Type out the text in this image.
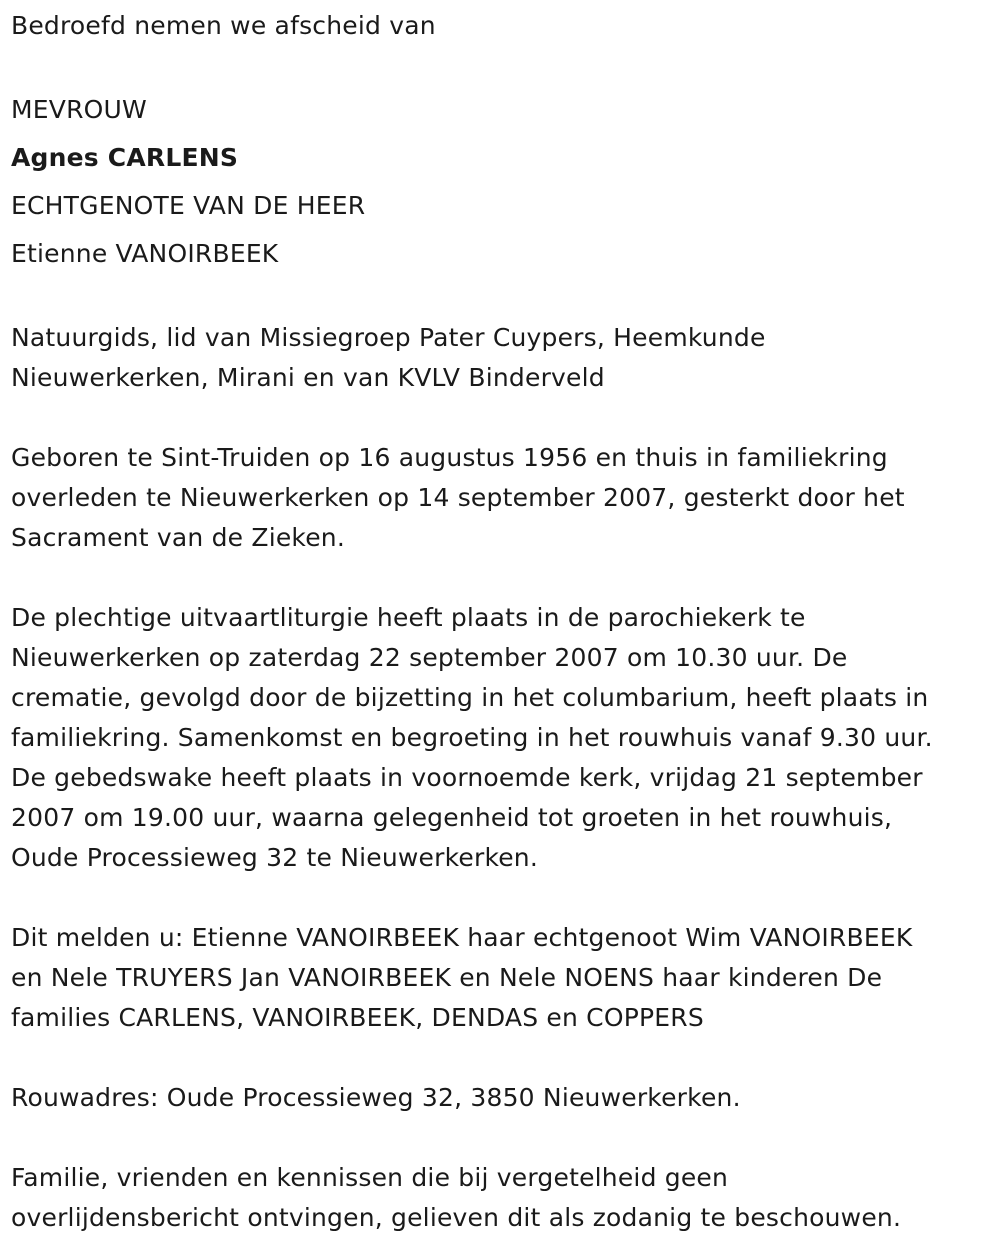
Bedroefd nemen we afscheid van

MEVROUW

Agnes CARLENS

ECHTGENOTE VAN DE HEER

Etienne VANOIRBEEK

Natuurgids, lid van Missiegroep Pater Cuypers, Heemkunde

Nieuwerkerken, Mirani en van KVLV Binderveld

Geboren te Sint-Truiden op 16 augustus 1956 en thuis in familiekring

overleden te Nieuwerkerken op 14 september 2007, gesterkt door het

Sacrament van de Zieken.

De plechtige uitvaartliturgie heeft plaats in de parochiekerk te

Nieuwerkerken op zaterdag 22 september 2007 om 10.30 uur. De

crematie, gevolgd door de bijzetting in het columbarium, heeft plaats in

familiekring. Samenkomst en begroeting in het rouwhuis vanaf 9.30 uur.

De gebedswake heeft plaats in voornoemde kerk, vrijdag 21 september

2007 om 19.00 uur, waarna gelegenheid tot groeten in het rouwhuis,

Oude Processieweg 32 te Nieuwerkerken.

Dit melden u: Etienne VANOIRBEEK haar echtgenoot Wim VANOIRBEEK

en Nele TRUYERS Jan VANOIRBEEK en Nele NOENS haar kinderen De

families CARLENS, VANOIRBEEK, DENDAS en COPPERS

Rouwadres: Oude Processieweg 32, 3850 Nieuwerkerken.

Familie, vrienden en kennissen die bij vergetelheid geen

overlijdensbericht ontvingen, gelieven dit als zodanig te beschouwen.
